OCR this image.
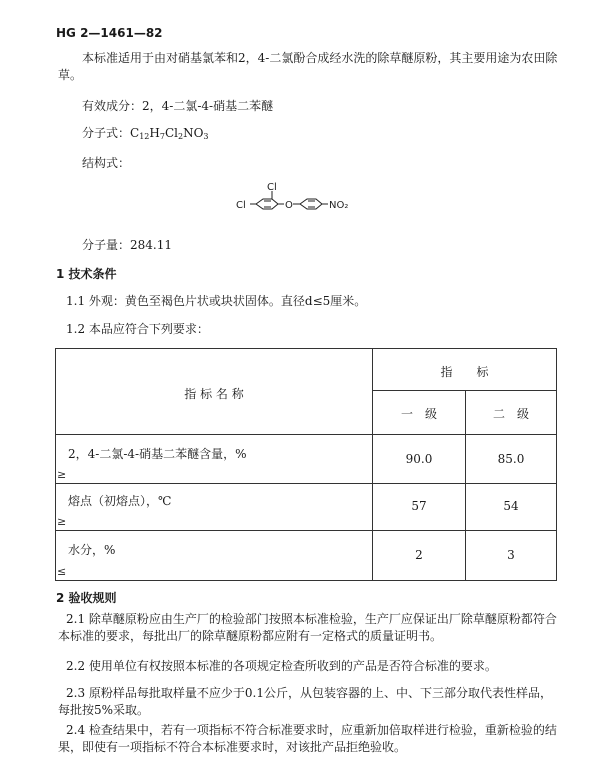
HG 2—1461—82
本标准适用于由对硝基氯苯和2，4-二氯酚合成经水洗的除草醚原粉，其主要用途为农田除草。
有效成分：2，4-二氯-4-硝基二苯醚
分子式：$C_{12}H_7Cl_2NO_3$
结构式：
Cl
Cl	O	NO₂
分子量：284.11
1 技术条件
1.1 外观：黄色至褐色片状或块状固体。直径d≤5厘米。
1.2 本品应符合下列要求：
指 标 名 称	指　　标	

	一　级	二　级

2，4-二氯-4-硝基二苯醚含量，%
≥	90.0	85.0

熔点（初熔点），℃
≥	57	54

水分，%
≤	2	3
2 验收规则
2.1 除草醚原粉应由生产厂的检验部门按照本标准检验，生产厂应保证出厂除草醚原粉都符合本标准的要求，每批出厂的除草醚原粉都应附有一定格式的质量证明书。
2.2 使用单位有权按照本标准的各项规定检查所收到的产品是否符合标准的要求。
2.3 原粉样品每批取样量不应少于0.1公斤，从包装容器的上、中、下三部分取代表性样品，每批按5%采取。
2.4 检查结果中，若有一项指标不符合标准要求时，应重新加倍取样进行检验，重新检验的结果，即使有一项指标不符合本标准要求时，对该批产品拒绝验收。
